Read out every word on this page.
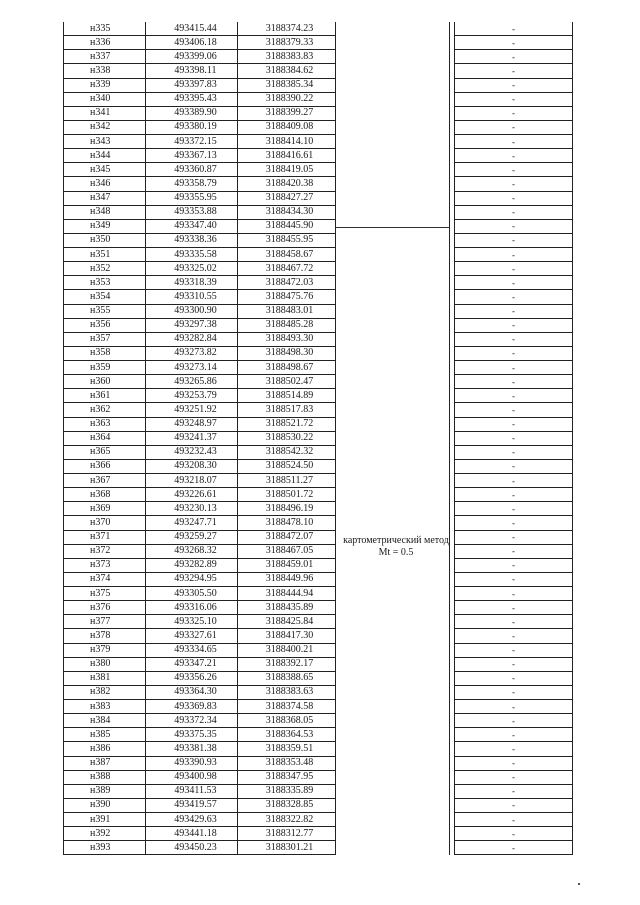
н335	493415.44	3188374.23			-
н336	493406.18	3188379.33			-
н337	493399.06	3188383.83			-
н338	493398.11	3188384.62			-
н339	493397.83	3188385.34			-
н340	493395.43	3188390.22			-
н341	493389.90	3188399.27			-
н342	493380.19	3188409.08			-
н343	493372.15	3188414.10			-
н344	493367.13	3188416.61			-
н345	493360.87	3188419.05			-
н346	493358.79	3188420.38			-
н347	493355.95	3188427.27			-
н348	493353.88	3188434.30			-
н349	493347.40	3188445.90			-
н350	493338.36	3188455.95			-
н351	493335.58	3188458.67			-
н352	493325.02	3188467.72			-
н353	493318.39	3188472.03			-
н354	493310.55	3188475.76			-
н355	493300.90	3188483.01			-
н356	493297.38	3188485.28			-
н357	493282.84	3188493.30			-
н358	493273.82	3188498.30			-
н359	493273.14	3188498.67			-
н360	493265.86	3188502.47			-
н361	493253.79	3188514.89			-
н362	493251.92	3188517.83			-
н363	493248.97	3188521.72			-
н364	493241.37	3188530.22			-
н365	493232.43	3188542.32			-
н366	493208.30	3188524.50			-
н367	493218.07	3188511.27			-
н368	493226.61	3188501.72			-
н369	493230.13	3188496.19			-
н370	493247.71	3188478.10			-
н371	493259.27	3188472.07			-
н372	493268.32	3188467.05			-
н373	493282.89	3188459.01			-
н374	493294.95	3188449.96			-
н375	493305.50	3188444.94			-
н376	493316.06	3188435.89			-
н377	493325.10	3188425.84			-
н378	493327.61	3188417.30			-
н379	493334.65	3188400.21			-
н380	493347.21	3188392.17			-
н381	493356.26	3188388.65			-
н382	493364.30	3188383.63			-
н383	493369.83	3188374.58			-
н384	493372.34	3188368.05			-
н385	493375.35	3188364.53			-
н386	493381.38	3188359.51			-
н387	493390.93	3188353.48			-
н388	493400.98	3188347.95			-
н389	493411.53	3188335.89			-
н390	493419.57	3188328.85			-
н391	493429.63	3188322.82			-
н392	493441.18	3188312.77			-
н393	493450.23	3188301.21			-
картометрический метод Mt = 0.5
